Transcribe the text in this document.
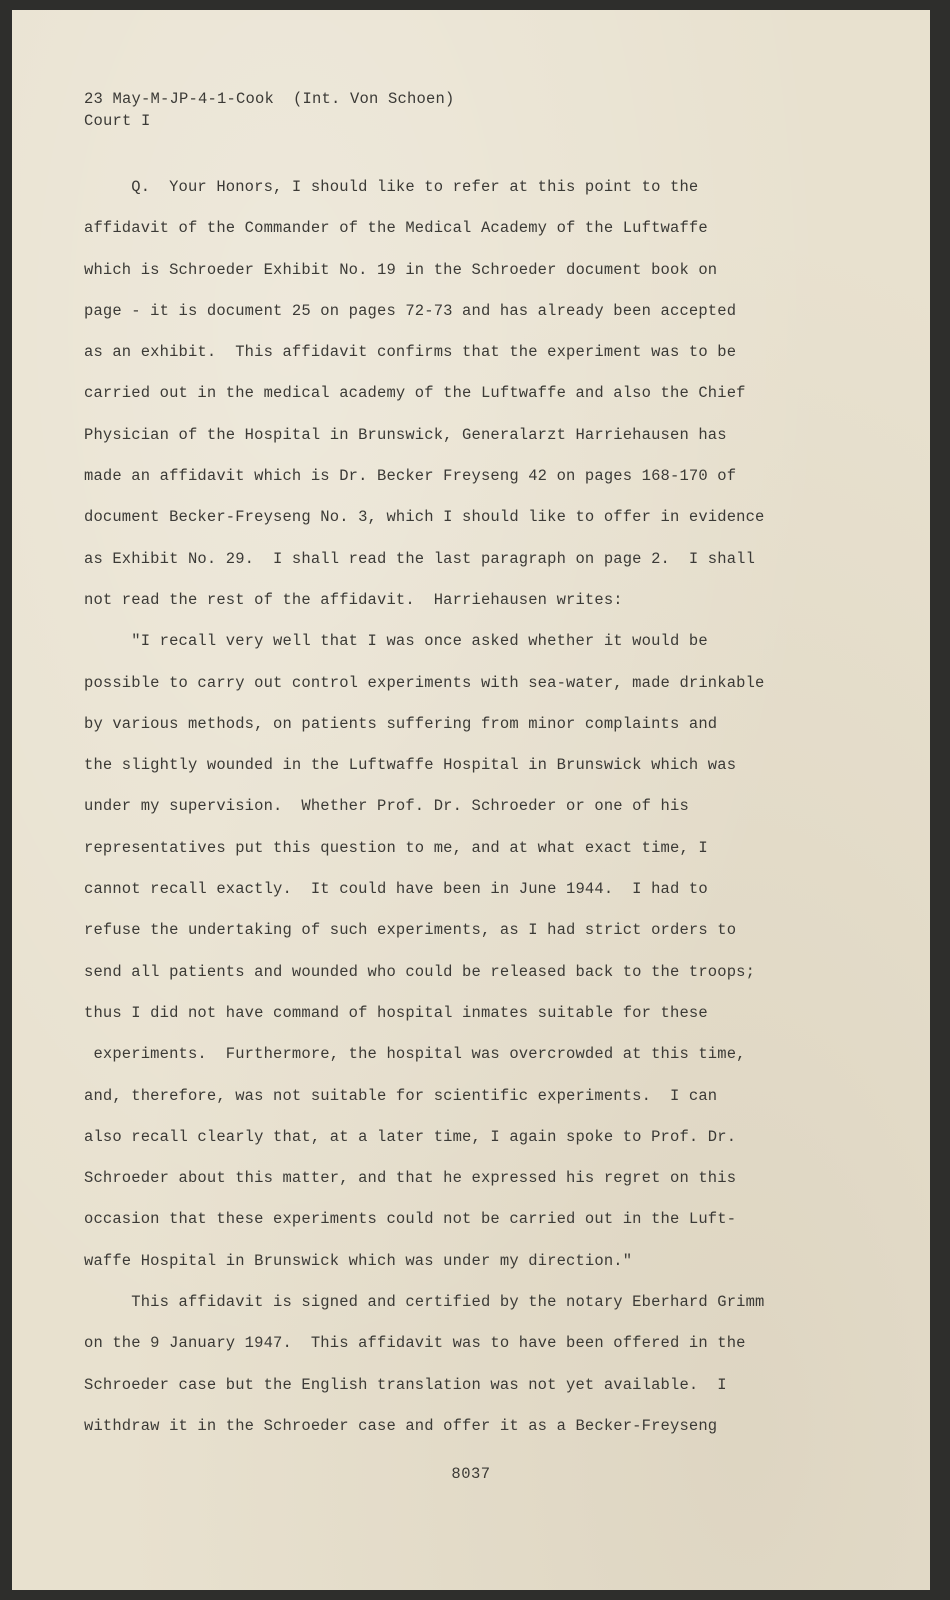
23 May-M-JP-4-1-Cook  (Int. Von Schoen)
Court I
Q.  Your Honors, I should like to refer at this point to the
affidavit of the Commander of the Medical Academy of the Luftwaffe
which is Schroeder Exhibit No. 19 in the Schroeder document book on
page - it is document 25 on pages 72-73 and has already been accepted
as an exhibit.  This affidavit confirms that the experiment was to be
carried out in the medical academy of the Luftwaffe and also the Chief
Physician of the Hospital in Brunswick, Generalarzt Harriehausen has
made an affidavit which is Dr. Becker Freyseng 42 on pages 168-170 of
document Becker-Freyseng No. 3, which I should like to offer in evidence
as Exhibit No. 29.  I shall read the last paragraph on page 2.  I shall
not read the rest of the affidavit.  Harriehausen writes:
"I recall very well that I was once asked whether it would be
possible to carry out control experiments with sea-water, made drinkable
by various methods, on patients suffering from minor complaints and
the slightly wounded in the Luftwaffe Hospital in Brunswick which was
under my supervision.  Whether Prof. Dr. Schroeder or one of his
representatives put this question to me, and at what exact time, I
cannot recall exactly.  It could have been in June 1944.  I had to
refuse the undertaking of such experiments, as I had strict orders to
send all patients and wounded who could be released back to the troops;
thus I did not have command of hospital inmates suitable for these
experiments.  Furthermore, the hospital was overcrowded at this time,
and, therefore, was not suitable for scientific experiments.  I can
also recall clearly that, at a later time, I again spoke to Prof. Dr.
Schroeder about this matter, and that he expressed his regret on this
occasion that these experiments could not be carried out in the Luft-
waffe Hospital in Brunswick which was under my direction."
This affidavit is signed and certified by the notary Eberhard Grimm
on the 9 January 1947.  This affidavit was to have been offered in the
Schroeder case but the English translation was not yet available.  I
withdraw it in the Schroeder case and offer it as a Becker-Freyseng
8037
